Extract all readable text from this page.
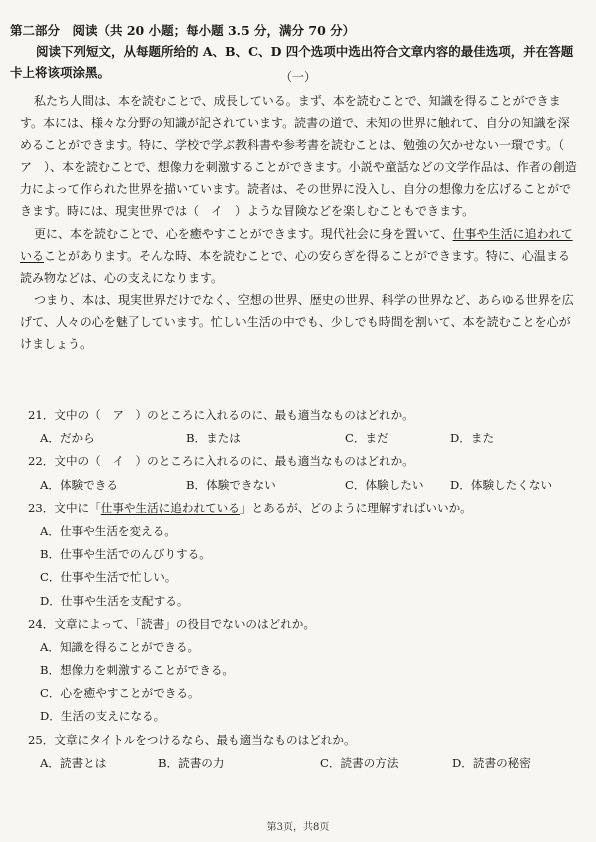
第二部分　阅读（共 20 小题；每小题 3.5 分，满分 70 分）
阅读下列短文，从每题所给的 A、B、C、D 四个选项中选出符合文章内容的最佳选项，并在答题卡上将该项涂黑。	（一）

私たち人間は、本を読むことで、成長している。まず、本を読むことで、知識を得ることができます。本には、様々な分野の知識が記されています。読書の道で、未知の世界に触れて、自分の知識を深めることができます。特に、学校で学ぶ教科書や参考書を読むことは、勉強の欠かせない一環です。（　ア　）、本を読むことで、想像力を刺激することができます。小説や童話などの文学作品は、作者の創造力によって作られた世界を描いています。読者は、その世界に没入し、自分の想像力を広げることができます。時には、現実世界では（　イ　）ような冒険などを楽しむこともできます。

更に、本を読むことで、心を癒やすことができます。現代社会に身を置いて、仕事や生活に追われていることがあります。そんな時、本を読むことで、心の安らぎを得ることができます。特に、心温まる読み物などは、心の支えになります。

つまり、本は、現実世界だけでなく、空想の世界、歴史の世界、科学の世界など、あらゆる世界を広げて、人々の心を魅了しています。忙しい生活の中でも、少しでも時間を割いて、本を読むことを心がけましょう。

21．文中の（　ア　）のところに入れるのに、最も適当なものはどれか。
A．だから	B．または	C．まだ	D．また
22．文中の（　イ　）のところに入れるのに、最も適当なものはどれか。
A．体験できる	B．体験できない	C．体験したい D．体験したくない
23．文中に「仕事や生活に追われている」とあるが、どのように理解すればいいか。
A．仕事や生活を変える。
B．仕事や生活でのんびりする。
C．仕事や生活で忙しい。
D．仕事や生活を支配する。
24．文章によって、「読書」の役目でないのはどれか。
A．知識を得ることができる。
B．想像力を刺激することができる。
C．心を癒やすことができる。
D．生活の支えになる。
25．文章にタイトルをつけるなら、最も適当なものはどれか。
A．読書とは	B．読書の力	C．読書の方法	D．読書の秘密
第3页，共8页
